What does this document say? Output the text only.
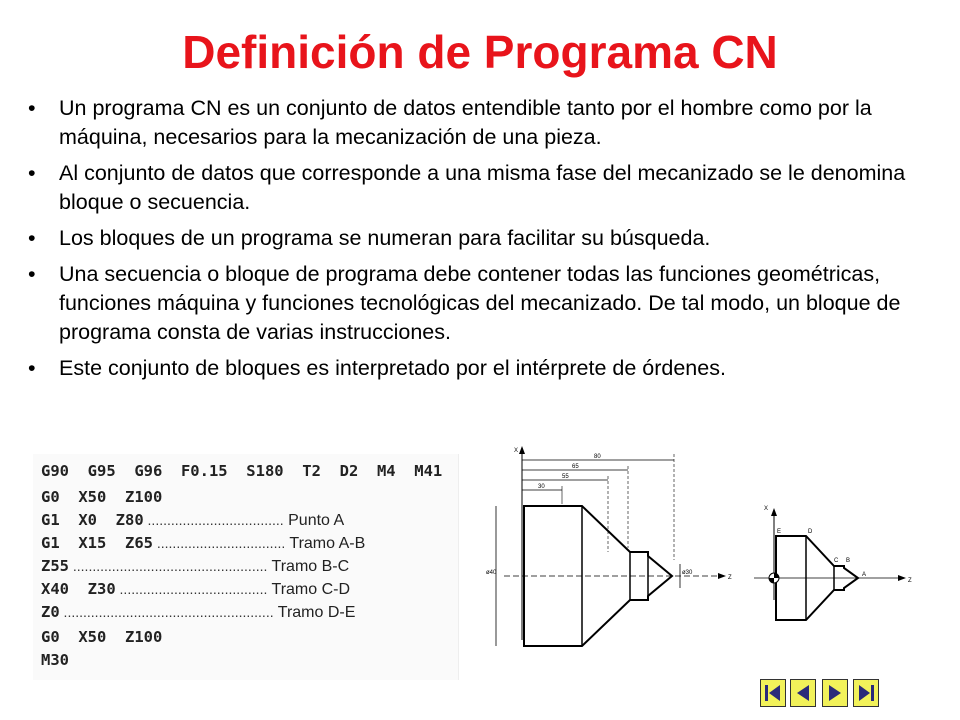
Definición de Programa CN
• Un programa CN es un conjunto de datos entendible tanto por el hombre como por la máquina, necesarios para la mecanización de una pieza.
• Al conjunto de datos que corresponde a una misma fase del mecanizado se le denomina bloque o secuencia.
• Los bloques de un programa se numeran para facilitar su búsqueda.
• Una secuencia o bloque de programa debe contener todas las funciones geométricas, funciones máquina y funciones tecnológicas del mecanizado. De tal modo, un bloque de programa consta de varias instrucciones.
• Este conjunto de bloques es interpretado por el intérprete de órdenes.
G90  G95  G96  F0.15  S180  T2  D2  M4  M41
G0  X50  Z100
G1  X0  Z80 ................................... Punto A
G1  X15  Z65 ................................. Tramo A-B
Z55 .................................................. Tramo B-C
X40  Z30 ...................................... Tramo C-D
Z0 ...................................................... Tramo D-E
G0  X50  Z100
M30
X
Z
80
65
55
30
ø40	ø30
X
Z
E	D
C B
A
